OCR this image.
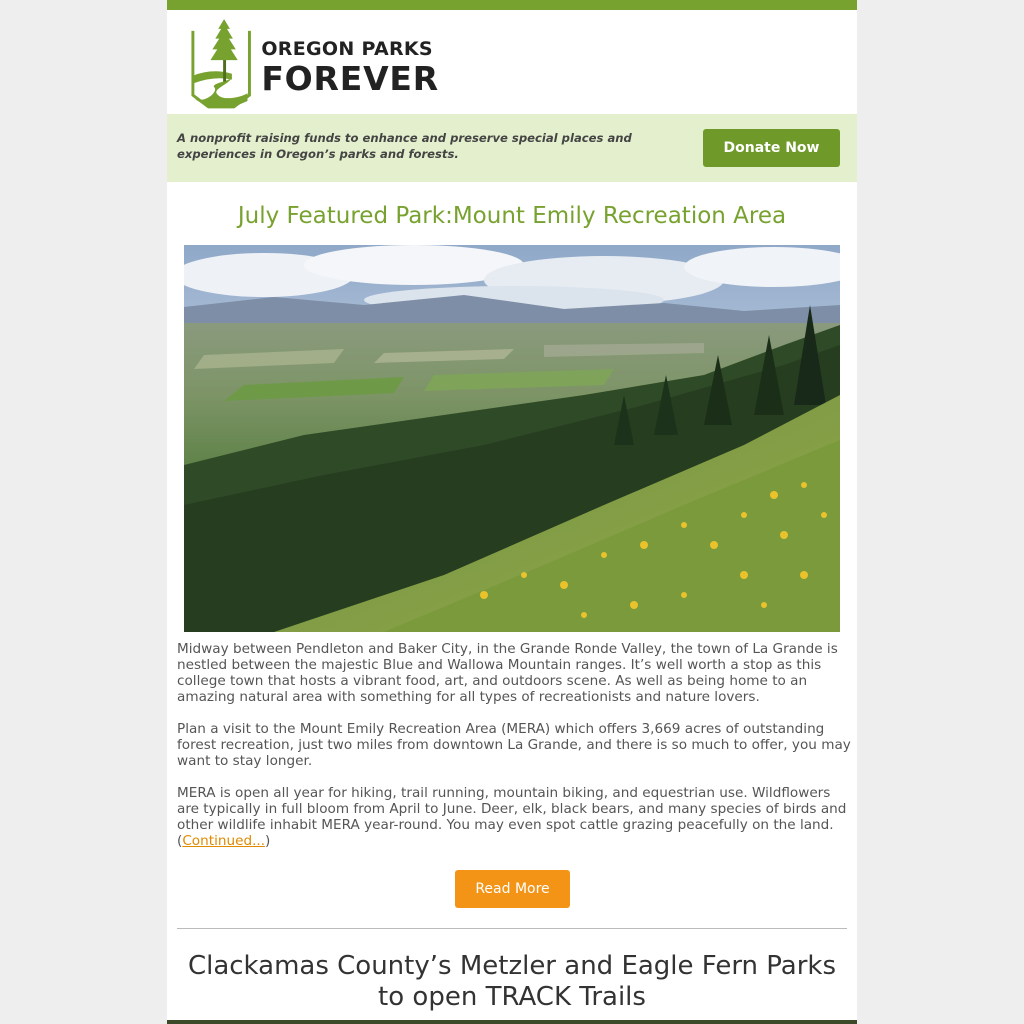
OREGON PARKS
FOREVER
A nonprofit raising funds to enhance and preserve special places and experiences in Oregon’s parks and forests.	Donate Now
July Featured Park:Mount Emily Recreation Area

Midway between Pendleton and Baker City, in the Grande Ronde Valley, the town of La Grande is nestled between the majestic Blue and Wallowa Mountain ranges. It’s well worth a stop as this college town that hosts a vibrant food, art, and outdoors scene. As well as being home to an amazing natural area with something for all types of recreationists and nature lovers.

Plan a visit to the Mount Emily Recreation Area (MERA) which offers 3,669 acres of outstanding forest recreation, just two miles from downtown La Grande, and there is so much to offer, you may want to stay longer.

MERA is open all year for hiking, trail running, mountain biking, and equestrian use. Wildflowers are typically in full bloom from April to June. Deer, elk, black bears, and many species of birds and other wildlife inhabit MERA year-round. You may even spot cattle grazing peacefully on the land. (Continued...)

Read More
Clackamas County’s Metzler and Eagle Fern Parks to open TRACK Trails
